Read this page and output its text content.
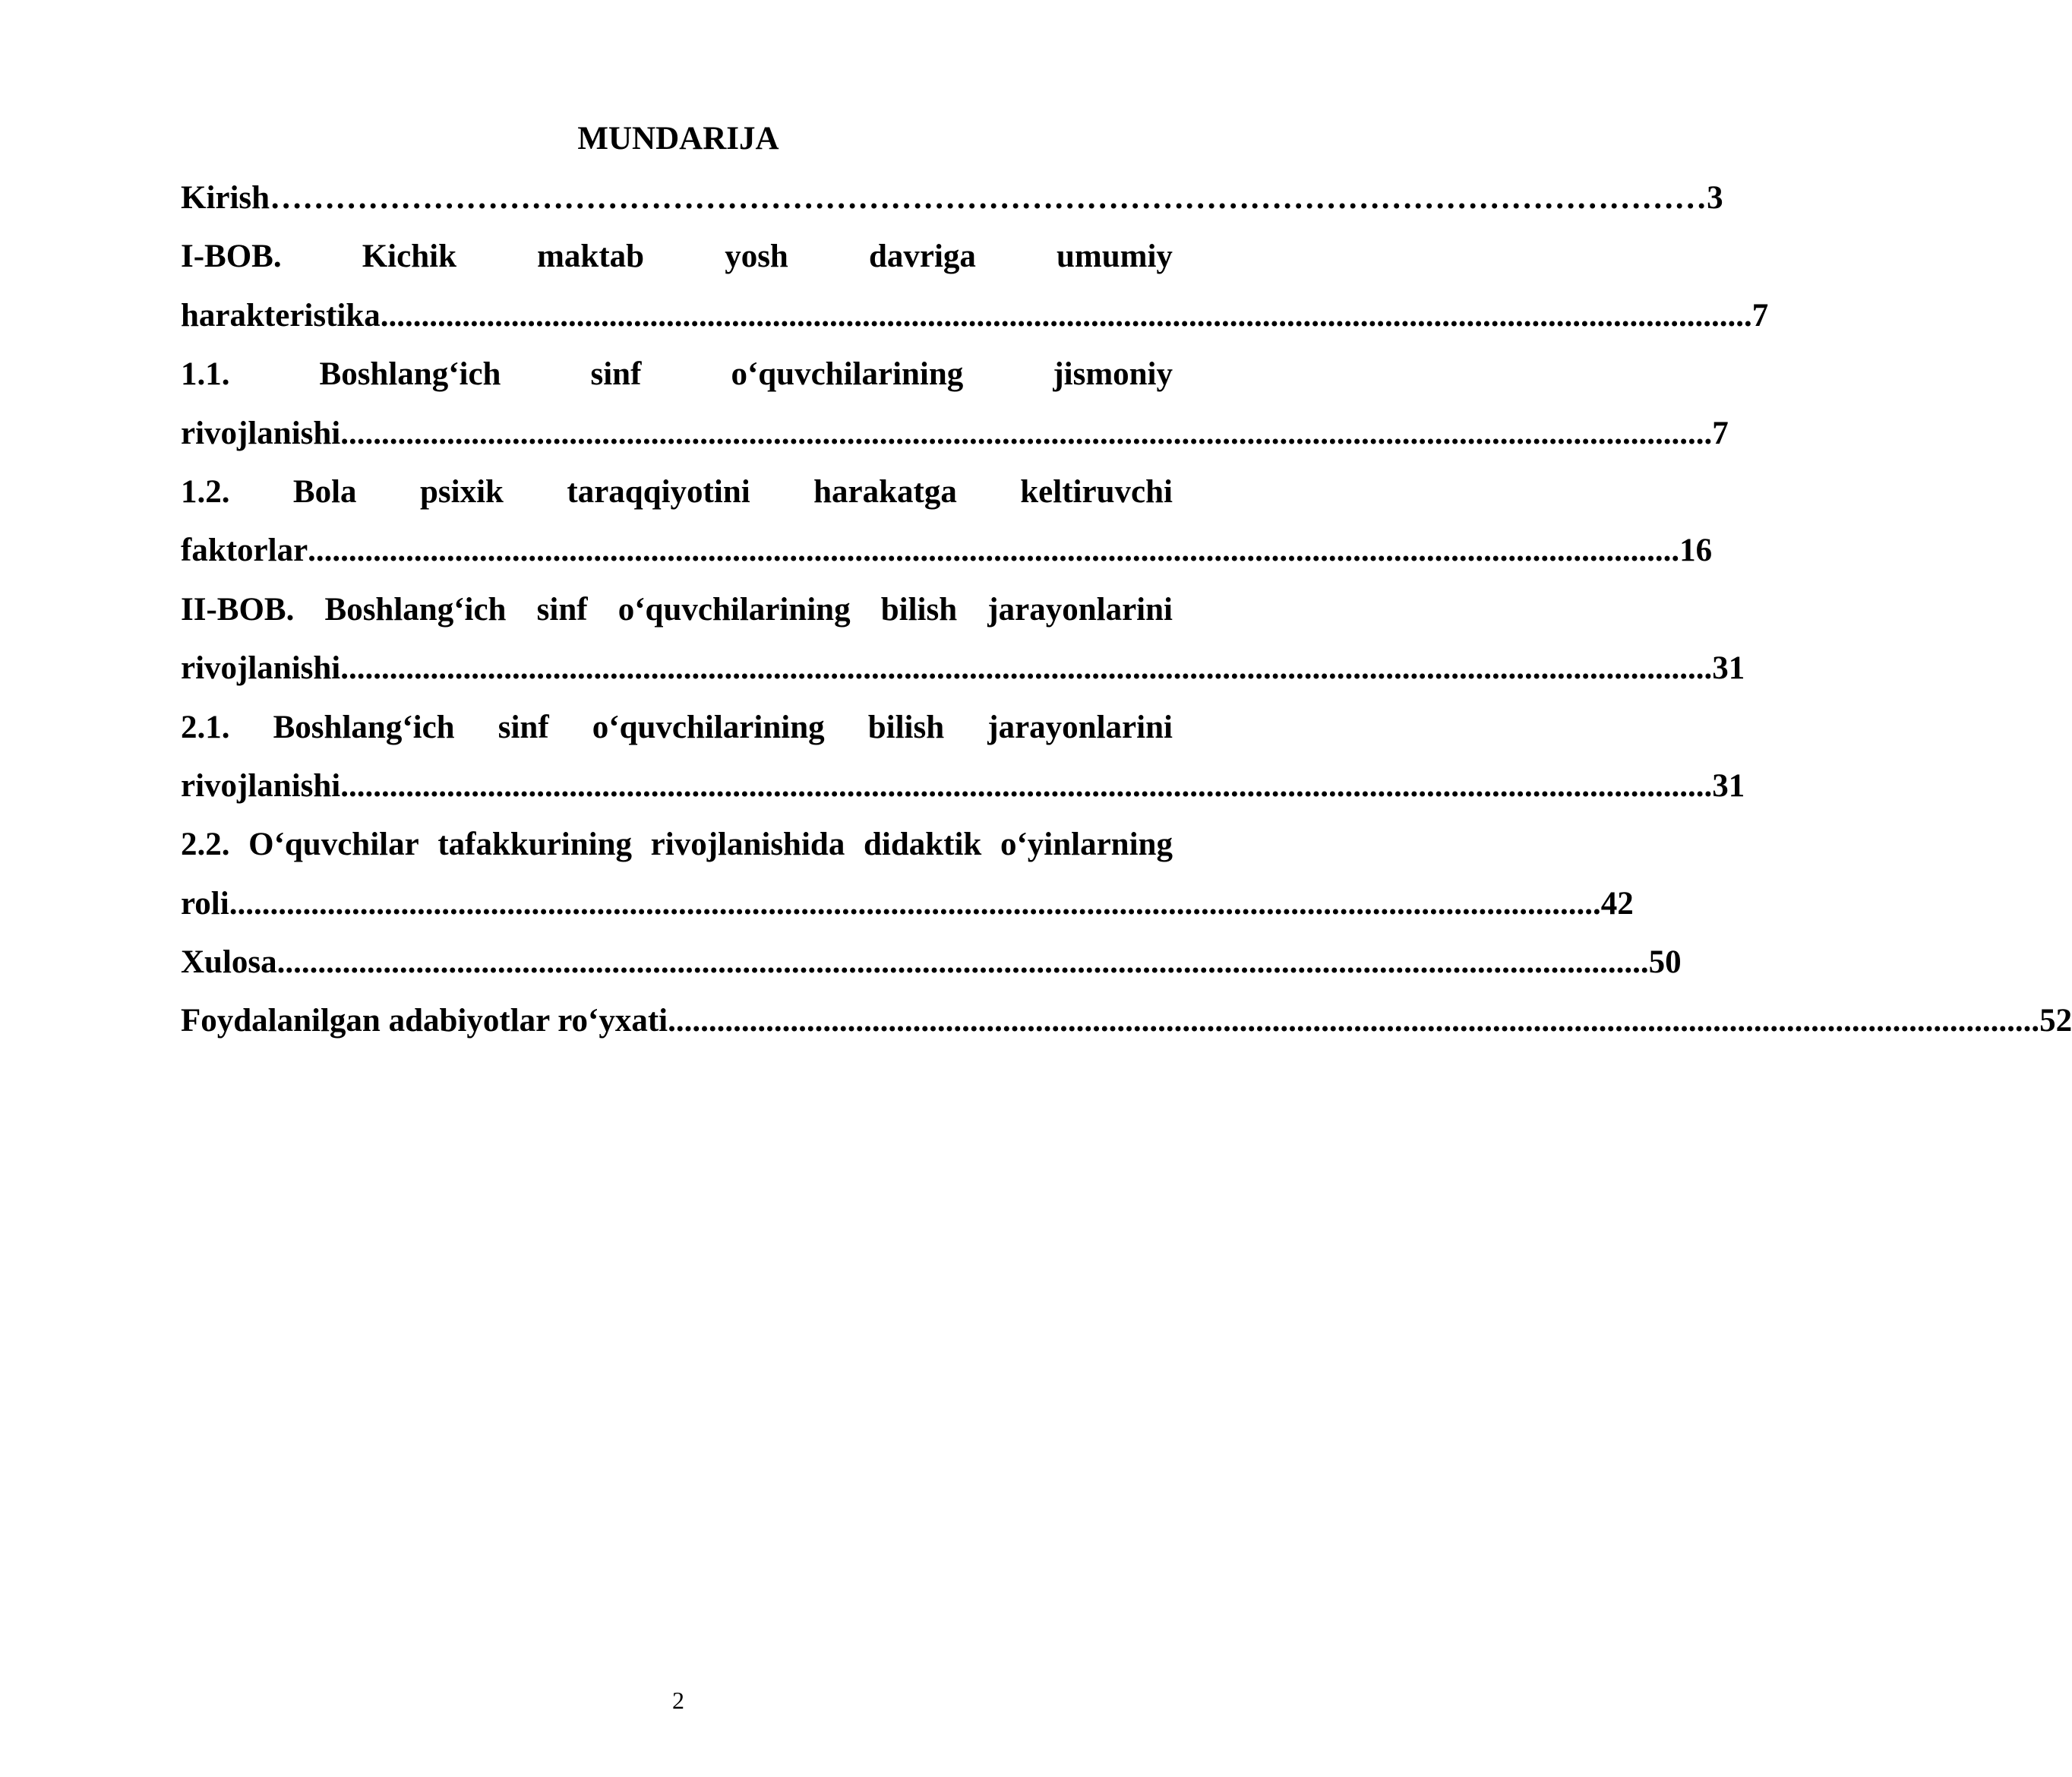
MUNDARIJA
Kirish …………………………………………………………………………………………………………………… 3
I-BOB. Kichik maktab yosh davriga umumiy
harakteristika ........................................................................................................................................................................ 7
1.1.	Boshlang‘ich	sinf	o‘quvchilarining	jismoniy
rivojlanishi ........................................................................................................................................................................ 7
1.2. Bola psixik taraqqiyotini harakatga keltiruvchi
faktorlar ........................................................................................................................................................................ 16
II-BOB. Boshlang‘ich sinf o‘quvchilarining bilish jarayonlarini
rivojlanishi ........................................................................................................................................................................ 31
2.1. Boshlang‘ich sinf o‘quvchilarining bilish jarayonlarini
rivojlanishi ........................................................................................................................................................................ 31
2.2. O‘quvchilar tafakkurining rivojlanishida didaktik o‘yinlarning
roli ........................................................................................................................................................................ 42
Xulosa ........................................................................................................................................................................ 50
Foydalanilgan adabiyotlar ro‘yxati ........................................................................................................................................................................ 52
2
